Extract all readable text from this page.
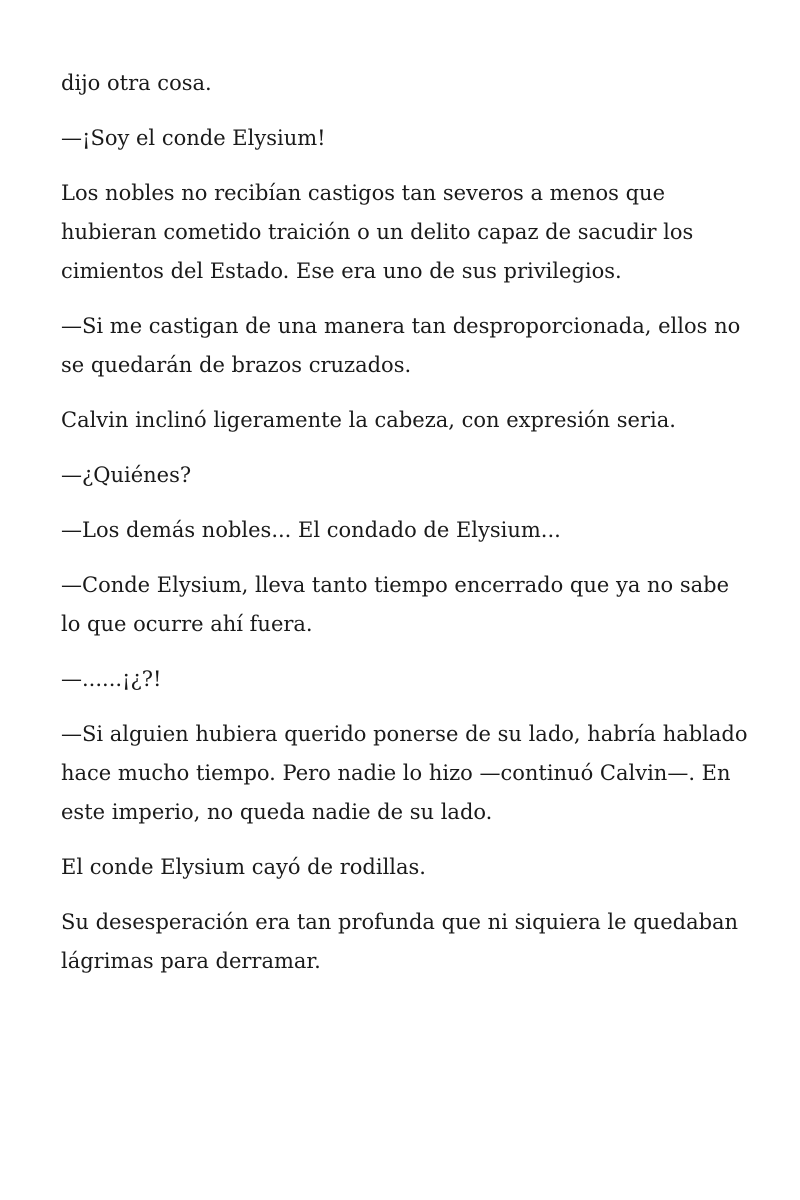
dijo otra cosa.

—¡Soy el conde Elysium!

Los nobles no recibían castigos tan severos a menos que hubieran cometido traición o un delito capaz de sacudir los cimientos del Estado. Ese era uno de sus privilegios.

—Si me castigan de una manera tan desproporcionada, ellos no se quedarán de brazos cruzados.

Calvin inclinó ligeramente la cabeza, con expresión seria.

—¿Quiénes?

—Los demás nobles... El condado de Elysium...

—Conde Elysium, lleva tanto tiempo encerrado que ya no sabe lo que ocurre ahí fuera.

—......¡¿?!

—Si alguien hubiera querido ponerse de su lado, habría hablado hace mucho tiempo. Pero nadie lo hizo —continuó Calvin—. En este imperio, no queda nadie de su lado.

El conde Elysium cayó de rodillas.

Su desesperación era tan profunda que ni siquiera le quedaban lágrimas para derramar.
